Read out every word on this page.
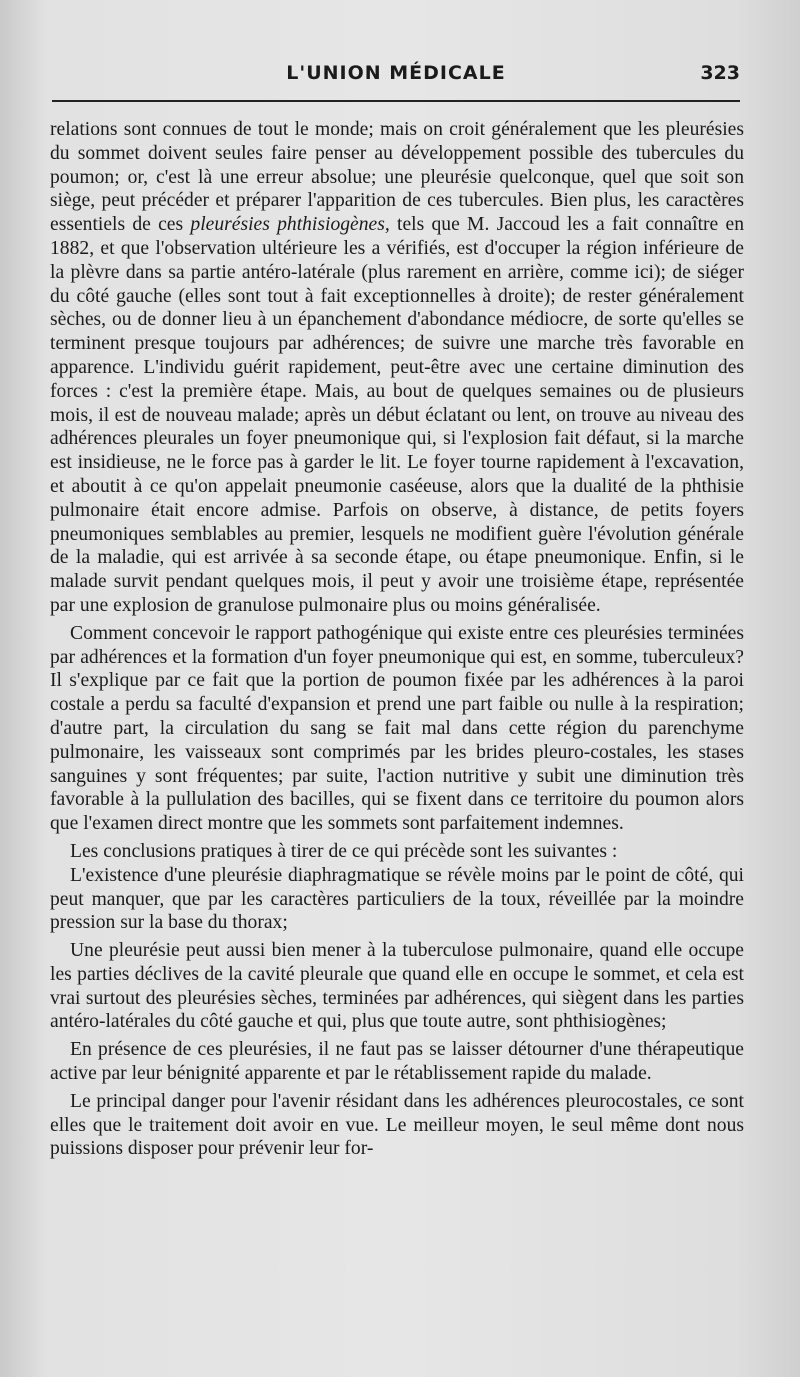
L'UNION MÉDICALE	323

relations sont connues de tout le monde; mais on croit généralement que les pleurésies du sommet doivent seules faire penser au développement possible des tubercules du poumon; or, c'est là une erreur absolue; une pleurésie quelconque, quel que soit son siège, peut précéder et préparer l'apparition de ces tubercules. Bien plus, les caractères essentiels de ces pleurésies phthisiogènes, tels que M. Jaccoud les a fait connaître en 1882, et que l'observation ultérieure les a vérifiés, est d'occuper la région inférieure de la plèvre dans sa partie antéro-latérale (plus rarement en arrière, comme ici); de siéger du côté gauche (elles sont tout à fait exceptionnelles à droite); de rester généralement sèches, ou de donner lieu à un épanchement d'abondance médiocre, de sorte qu'elles se terminent presque toujours par adhérences; de suivre une marche très favorable en apparence. L'individu guérit rapidement, peut-être avec une certaine diminution des forces : c'est la première étape. Mais, au bout de quelques semaines ou de plusieurs mois, il est de nouveau malade; après un début éclatant ou lent, on trouve au niveau des adhérences pleurales un foyer pneumonique qui, si l'explosion fait défaut, si la marche est insidieuse, ne le force pas à garder le lit. Le foyer tourne rapidement à l'excavation, et aboutit à ce qu'on appelait pneumonie caséeuse, alors que la dualité de la phthisie pulmonaire était encore admise. Parfois on observe, à distance, de petits foyers pneumoniques semblables au premier, lesquels ne modifient guère l'évolution générale de la maladie, qui est arrivée à sa seconde étape, ou étape pneumonique. Enfin, si le malade survit pendant quelques mois, il peut y avoir une troisième étape, représentée par une explosion de granulose pulmonaire plus ou moins généralisée.

Comment concevoir le rapport pathogénique qui existe entre ces pleurésies terminées par adhérences et la formation d'un foyer pneumonique qui est, en somme, tuberculeux? Il s'explique par ce fait que la portion de poumon fixée par les adhérences à la paroi costale a perdu sa faculté d'expansion et prend une part faible ou nulle à la respiration; d'autre part, la circulation du sang se fait mal dans cette région du parenchyme pulmonaire, les vaisseaux sont comprimés par les brides pleuro-costales, les stases sanguines y sont fréquentes; par suite, l'action nutritive y subit une diminution très favorable à la pullulation des bacilles, qui se fixent dans ce territoire du poumon alors que l'examen direct montre que les sommets sont parfaitement indemnes.

Les conclusions pratiques à tirer de ce qui précède sont les suivantes :

L'existence d'une pleurésie diaphragmatique se révèle moins par le point de côté, qui peut manquer, que par les caractères particuliers de la toux, réveillée par la moindre pression sur la base du thorax;

Une pleurésie peut aussi bien mener à la tuberculose pulmonaire, quand elle occupe les parties déclives de la cavité pleurale que quand elle en occupe le sommet, et cela est vrai surtout des pleurésies sèches, terminées par adhérences, qui siègent dans les parties antéro-latérales du côté gauche et qui, plus que toute autre, sont phthisiogènes;

En présence de ces pleurésies, il ne faut pas se laisser détourner d'une thérapeutique active par leur bénignité apparente et par le rétablissement rapide du malade.

Le principal danger pour l'avenir résidant dans les adhérences pleurocostales, ce sont elles que le traitement doit avoir en vue. Le meilleur moyen, le seul même dont nous puissions disposer pour prévenir leur for-
